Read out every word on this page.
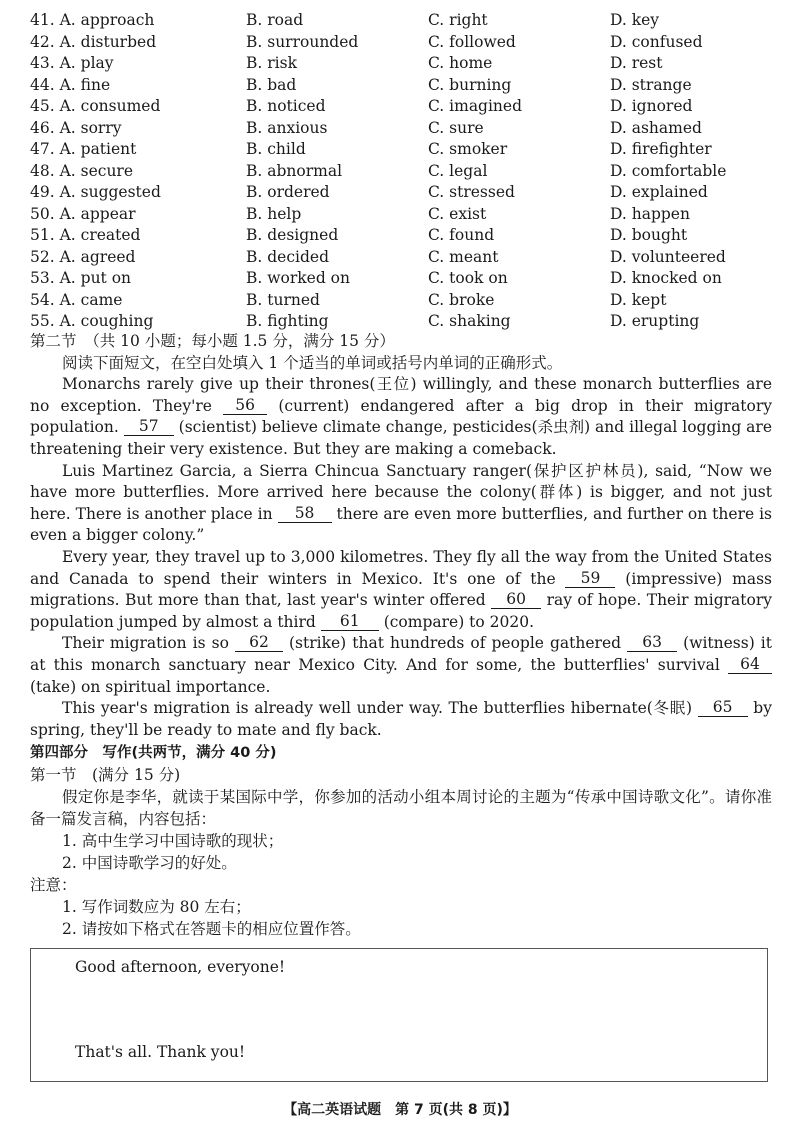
41. A. approach	B. road	C. right	D. key
42. A. disturbed	B. surrounded	C. followed	D. confused
43. A. play	B. risk	C. home	D. rest
44. A. fine	B. bad	C. burning	D. strange
45. A. consumed	B. noticed	C. imagined	D. ignored
46. A. sorry	B. anxious	C. sure	D. ashamed
47. A. patient	B. child	C. smoker	D. firefighter
48. A. secure	B. abnormal	C. legal	D. comfortable
49. A. suggested	B. ordered	C. stressed	D. explained
50. A. appear	B. help	C. exist	D. happen
51. A. created	B. designed	C. found	D. bought
52. A. agreed	B. decided	C. meant	D. volunteered
53. A. put on	B. worked on	C. took on	D. knocked on
54. A. came	B. turned	C. broke	D. kept
55. A. coughing	B. fighting	C. shaking	D. erupting
第二节　（共 10 小题；每小题 1.5 分，满分 15 分）

阅读下面短文，在空白处填入 1 个适当的单词或括号内单词的正确形式。

Monarchs rarely give up their thrones(王位) willingly, and these monarch butterflies are no exception. They're 56 (current) endangered after a big drop in their migratory population. 57 (scientist) believe climate change, pesticides(杀虫剂) and illegal logging are threatening their very existence. But they are making a comeback.

Luis Martinez Garcia, a Sierra Chincua Sanctuary ranger(保护区护林员), said, “Now we have more butterflies. More arrived here because the colony(群体) is bigger, and not just here. There is another place in 58 there are even more butterflies, and further on there is even a bigger colony.”

Every year, they travel up to 3,000 kilometres. They fly all the way from the United States and Canada to spend their winters in Mexico. It's one of the 59 (impressive) mass migrations. But more than that, last year's winter offered 60 ray of hope. Their migratory population jumped by almost a third 61 (compare) to 2020.

Their migration is so 62 (strike) that hundreds of people gathered 63 (witness) it at this monarch sanctuary near Mexico City. And for some, the butterflies' survival 64 (take) on spiritual importance.

This year's migration is already well under way. The butterflies hibernate(冬眠) 65 by spring, they'll be ready to mate and fly back.

第四部分　写作(共两节，满分 40 分)
第一节　(满分 15 分)

假定你是李华，就读于某国际中学，你参加的活动小组本周讨论的主题为“传承中国诗歌文化”。请你准备一篇发言稿，内容包括：

1. 高中生学习中国诗歌的现状；
2. 中国诗歌学习的好处。
注意：
1. 写作词数应为 80 左右；
2. 请按如下格式在答题卡的相应位置作答。
Good afternoon, everyone!
That's all. Thank you!
【高二英语试题　第 7 页(共 8 页)】
